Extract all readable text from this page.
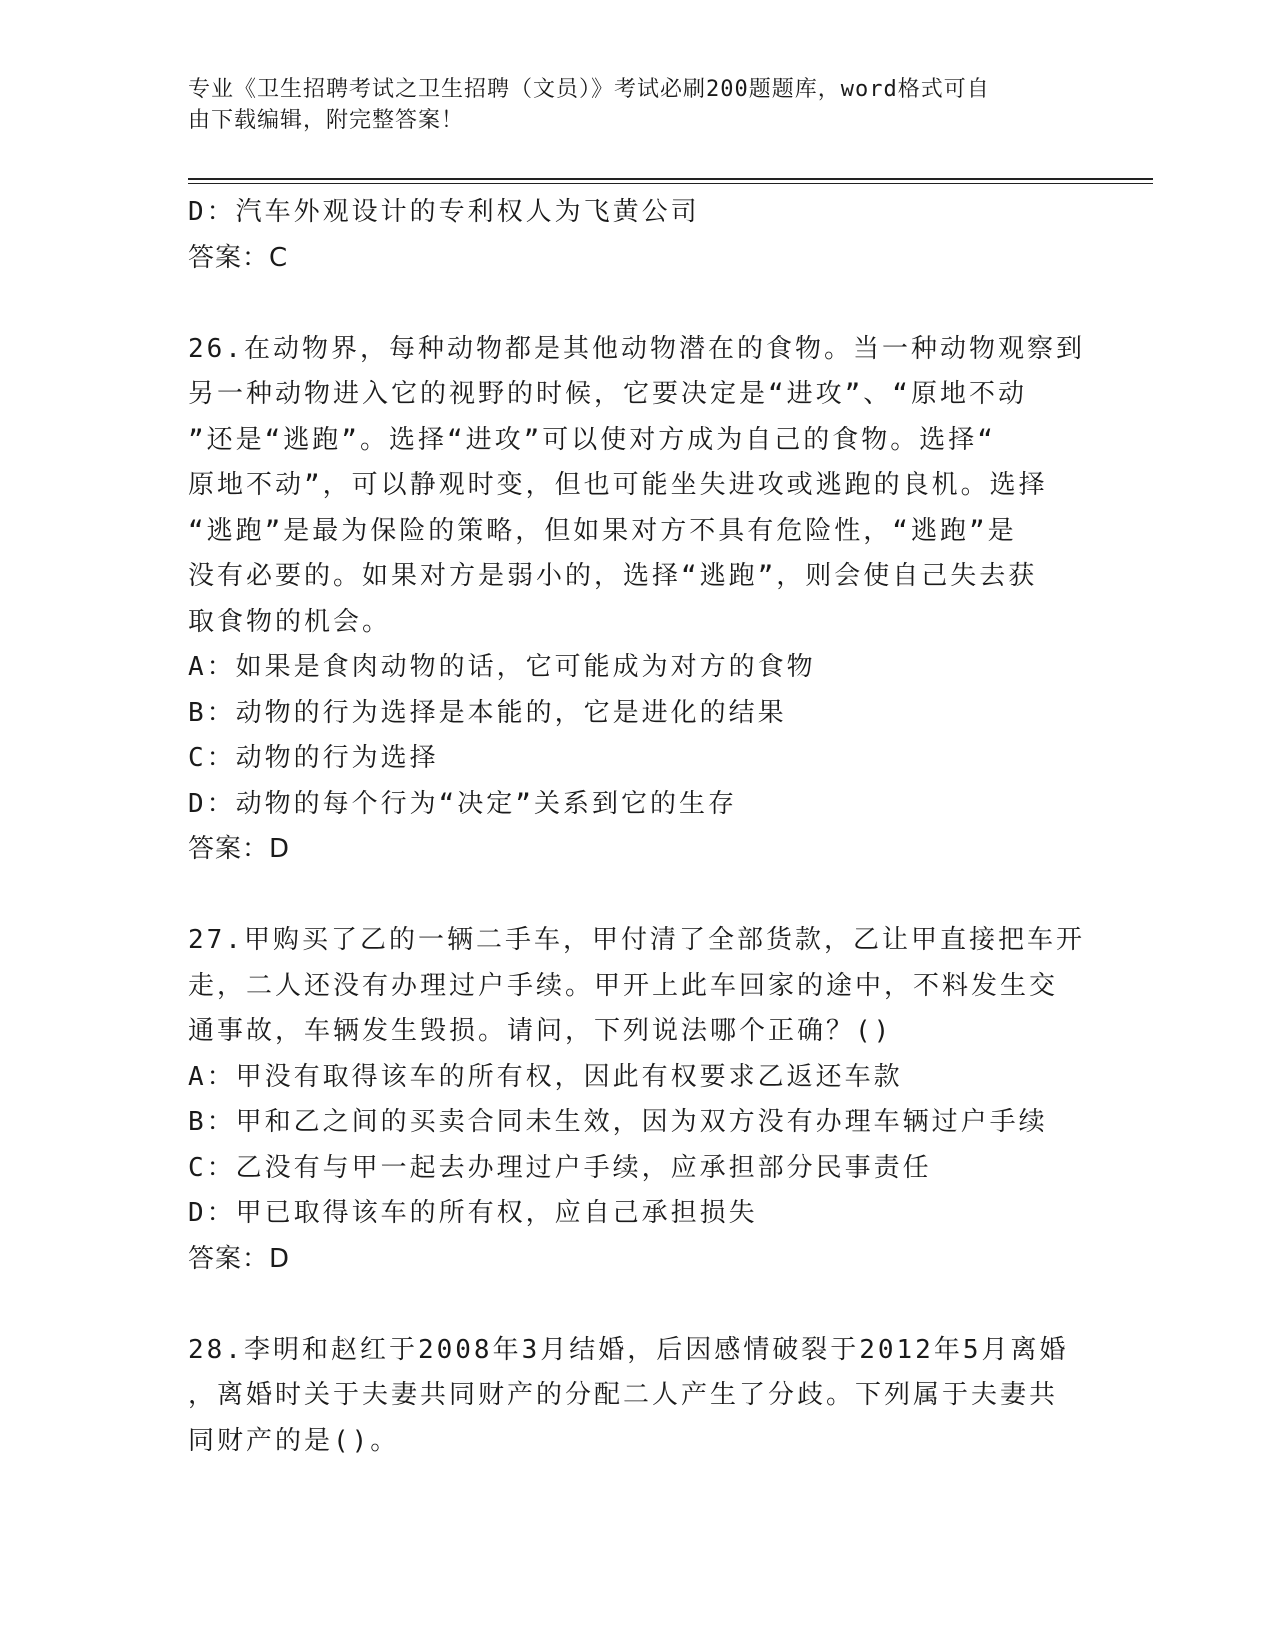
专业《卫生招聘考试之卫生招聘（文员）》考试必刷200题题库，word格式可自
由下载编辑，附完整答案！
D：汽车外观设计的专利权人为飞黄公司
答案：C
26.在动物界，每种动物都是其他动物潜在的食物。当一种动物观察到
另一种动物进入它的视野的时候，它要决定是“进攻”、“原地不动
”还是“逃跑”。选择“进攻”可以使对方成为自己的食物。选择“
原地不动”，可以静观时变，但也可能坐失进攻或逃跑的良机。选择
“逃跑”是最为保险的策略，但如果对方不具有危险性，“逃跑”是
没有必要的。如果对方是弱小的，选择“逃跑”，则会使自己失去获
取食物的机会。
A：如果是食肉动物的话，它可能成为对方的食物
B：动物的行为选择是本能的，它是进化的结果
C：动物的行为选择
D：动物的每个行为“决定”关系到它的生存
答案：D
27.甲购买了乙的一辆二手车，甲付清了全部货款，乙让甲直接把车开
走，二人还没有办理过户手续。甲开上此车回家的途中，不料发生交
通事故，车辆发生毁损。请问，下列说法哪个正确？()
A：甲没有取得该车的所有权，因此有权要求乙返还车款
B：甲和乙之间的买卖合同未生效，因为双方没有办理车辆过户手续
C：乙没有与甲一起去办理过户手续，应承担部分民事责任
D：甲已取得该车的所有权，应自己承担损失
答案：D
28.李明和赵红于2008年3月结婚，后因感情破裂于2012年5月离婚
，离婚时关于夫妻共同财产的分配二人产生了分歧。下列属于夫妻共
同财产的是()。
